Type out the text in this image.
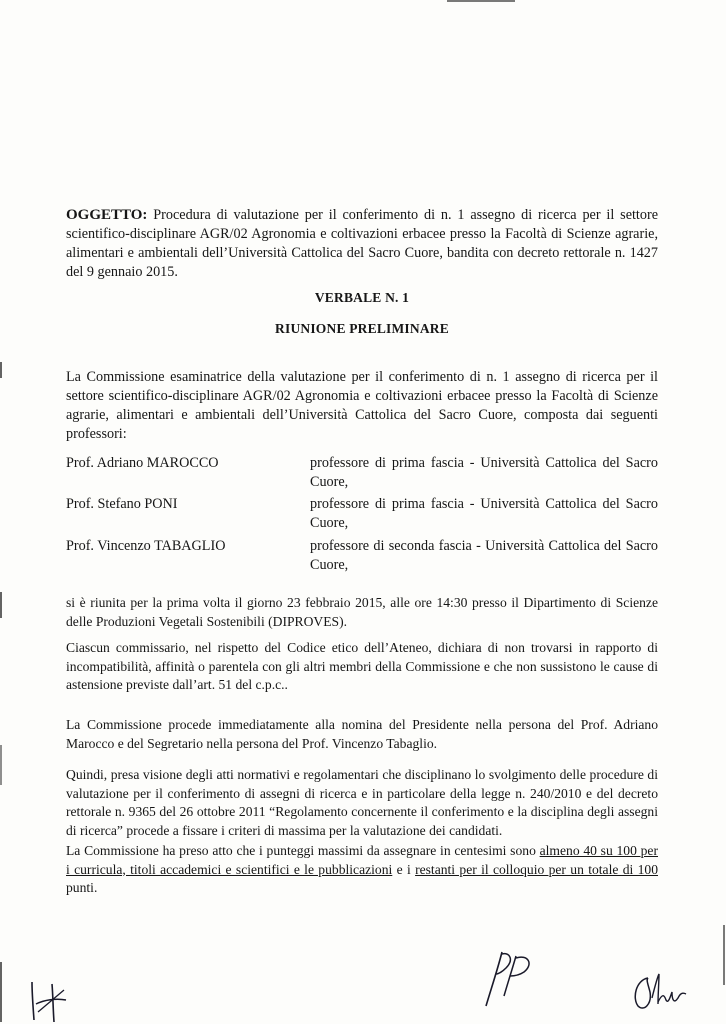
OGGETTO: Procedura di valutazione per il conferimento di n. 1 assegno di ricerca per il settore scientifico-disciplinare AGR/02 Agronomia e coltivazioni erbacee presso la Facoltà di Scienze agrarie, alimentari e ambientali dell’Università Cattolica del Sacro Cuore, bandita con decreto rettorale n. 1427 del 9 gennaio 2015.
VERBALE N. 1
RIUNIONE PRELIMINARE
La Commissione esaminatrice della valutazione per il conferimento di n. 1 assegno di ricerca per il settore scientifico-disciplinare AGR/02 Agronomia e coltivazioni erbacee presso la Facoltà di Scienze agrarie, alimentari e ambientali dell’Università Cattolica del Sacro Cuore, composta dai seguenti professori:
Prof. Adriano MAROCCO	professore di prima fascia - Università Cattolica del Sacro Cuore,
Prof. Stefano PONI	professore di prima fascia - Università Cattolica del Sacro Cuore,
Prof. Vincenzo TABAGLIO	professore di seconda fascia - Università Cattolica del Sacro Cuore,
si è riunita per la prima volta il giorno 23 febbraio 2015, alle ore 14:30 presso il Dipartimento di Scienze delle Produzioni Vegetali Sostenibili (DIPROVES).
Ciascun commissario, nel rispetto del Codice etico dell’Ateneo, dichiara di non trovarsi in rapporto di incompatibilità, affinità o parentela con gli altri membri della Commissione e che non sussistono le cause di astensione previste dall’art. 51 del c.p.c..
La Commissione procede immediatamente alla nomina del Presidente nella persona del Prof. Adriano Marocco e del Segretario nella persona del Prof. Vincenzo Tabaglio.
Quindi, presa visione degli atti normativi e regolamentari che disciplinano lo svolgimento delle procedure di valutazione per il conferimento di assegni di ricerca e in particolare della legge n. 240/2010 e del decreto rettorale n. 9365 del 26 ottobre 2011 “Regolamento concernente il conferimento e la disciplina degli assegni di ricerca” procede a fissare i criteri di massima per la valutazione dei candidati.
La Commissione ha preso atto che i punteggi massimi da assegnare in centesimi sono almeno 40 su 100 per i curricula, titoli accademici e scientifici e le pubblicazioni e i restanti per il colloquio per un totale di 100 punti.
